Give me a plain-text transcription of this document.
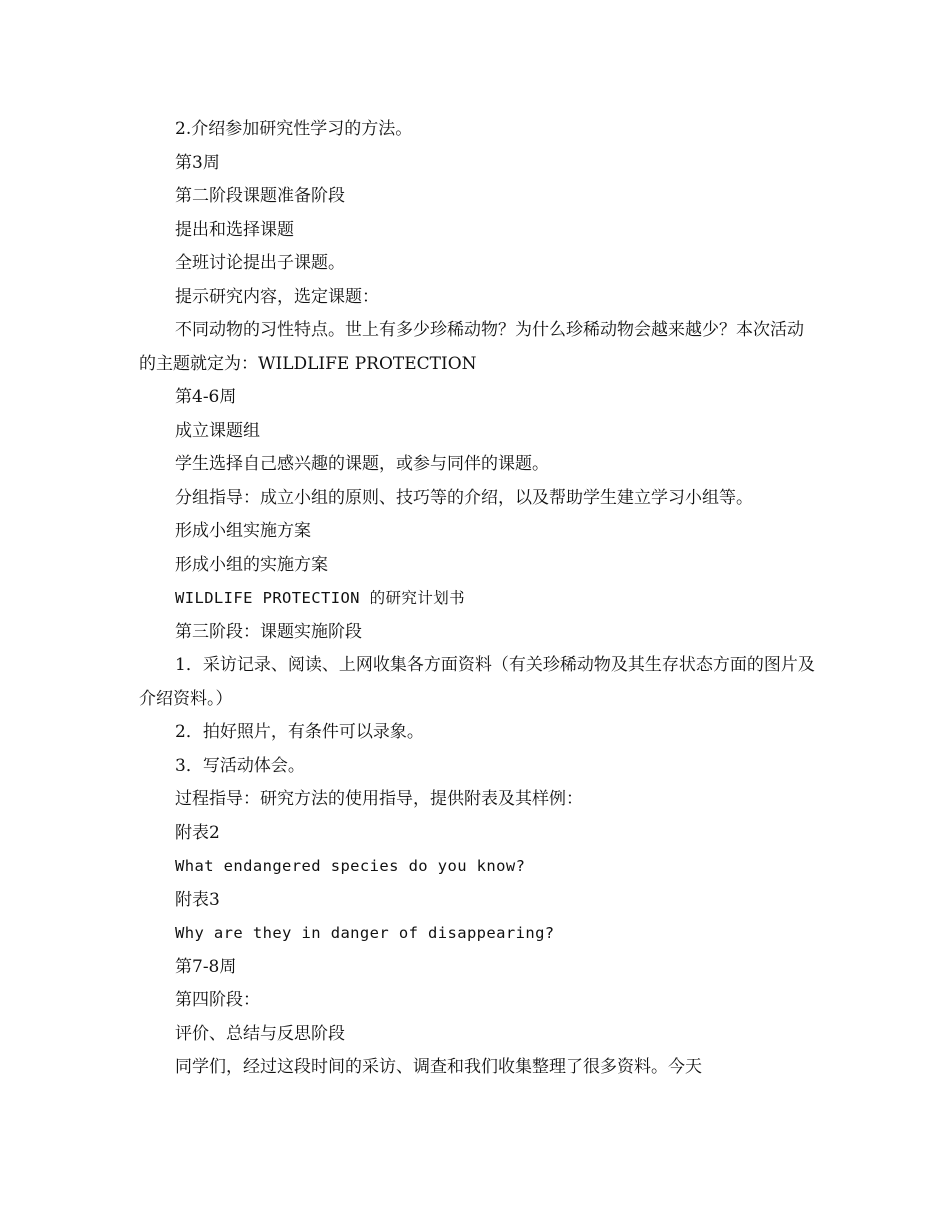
2.介绍参加研究性学习的方法。

第3周

第二阶段课题准备阶段

提出和选择课题

全班讨论提出子课题。

提示研究内容，选定课题：

不同动物的习性特点。世上有多少珍稀动物？为什么珍稀动物会越来越少？本次活动的主题就定为：WILDLIFE PROTECTION

第4-6周

成立课题组

学生选择自己感兴趣的课题，或参与同伴的课题。

分组指导：成立小组的原则、技巧等的介绍，以及帮助学生建立学习小组等。

形成小组实施方案

形成小组的实施方案

WILDLIFE PROTECTION 的研究计划书

第三阶段：课题实施阶段

1．采访记录、阅读、上网收集各方面资料（有关珍稀动物及其生存状态方面的图片及介绍资料。）

2．拍好照片，有条件可以录象。

3．写活动体会。

过程指导：研究方法的使用指导，提供附表及其样例：

附表2

What endangered species do you know?

附表3

Why are they in danger of disappearing?

第7-8周

第四阶段：

评价、总结与反思阶段

同学们，经过这段时间的采访、调查和我们收集整理了很多资料。今天
